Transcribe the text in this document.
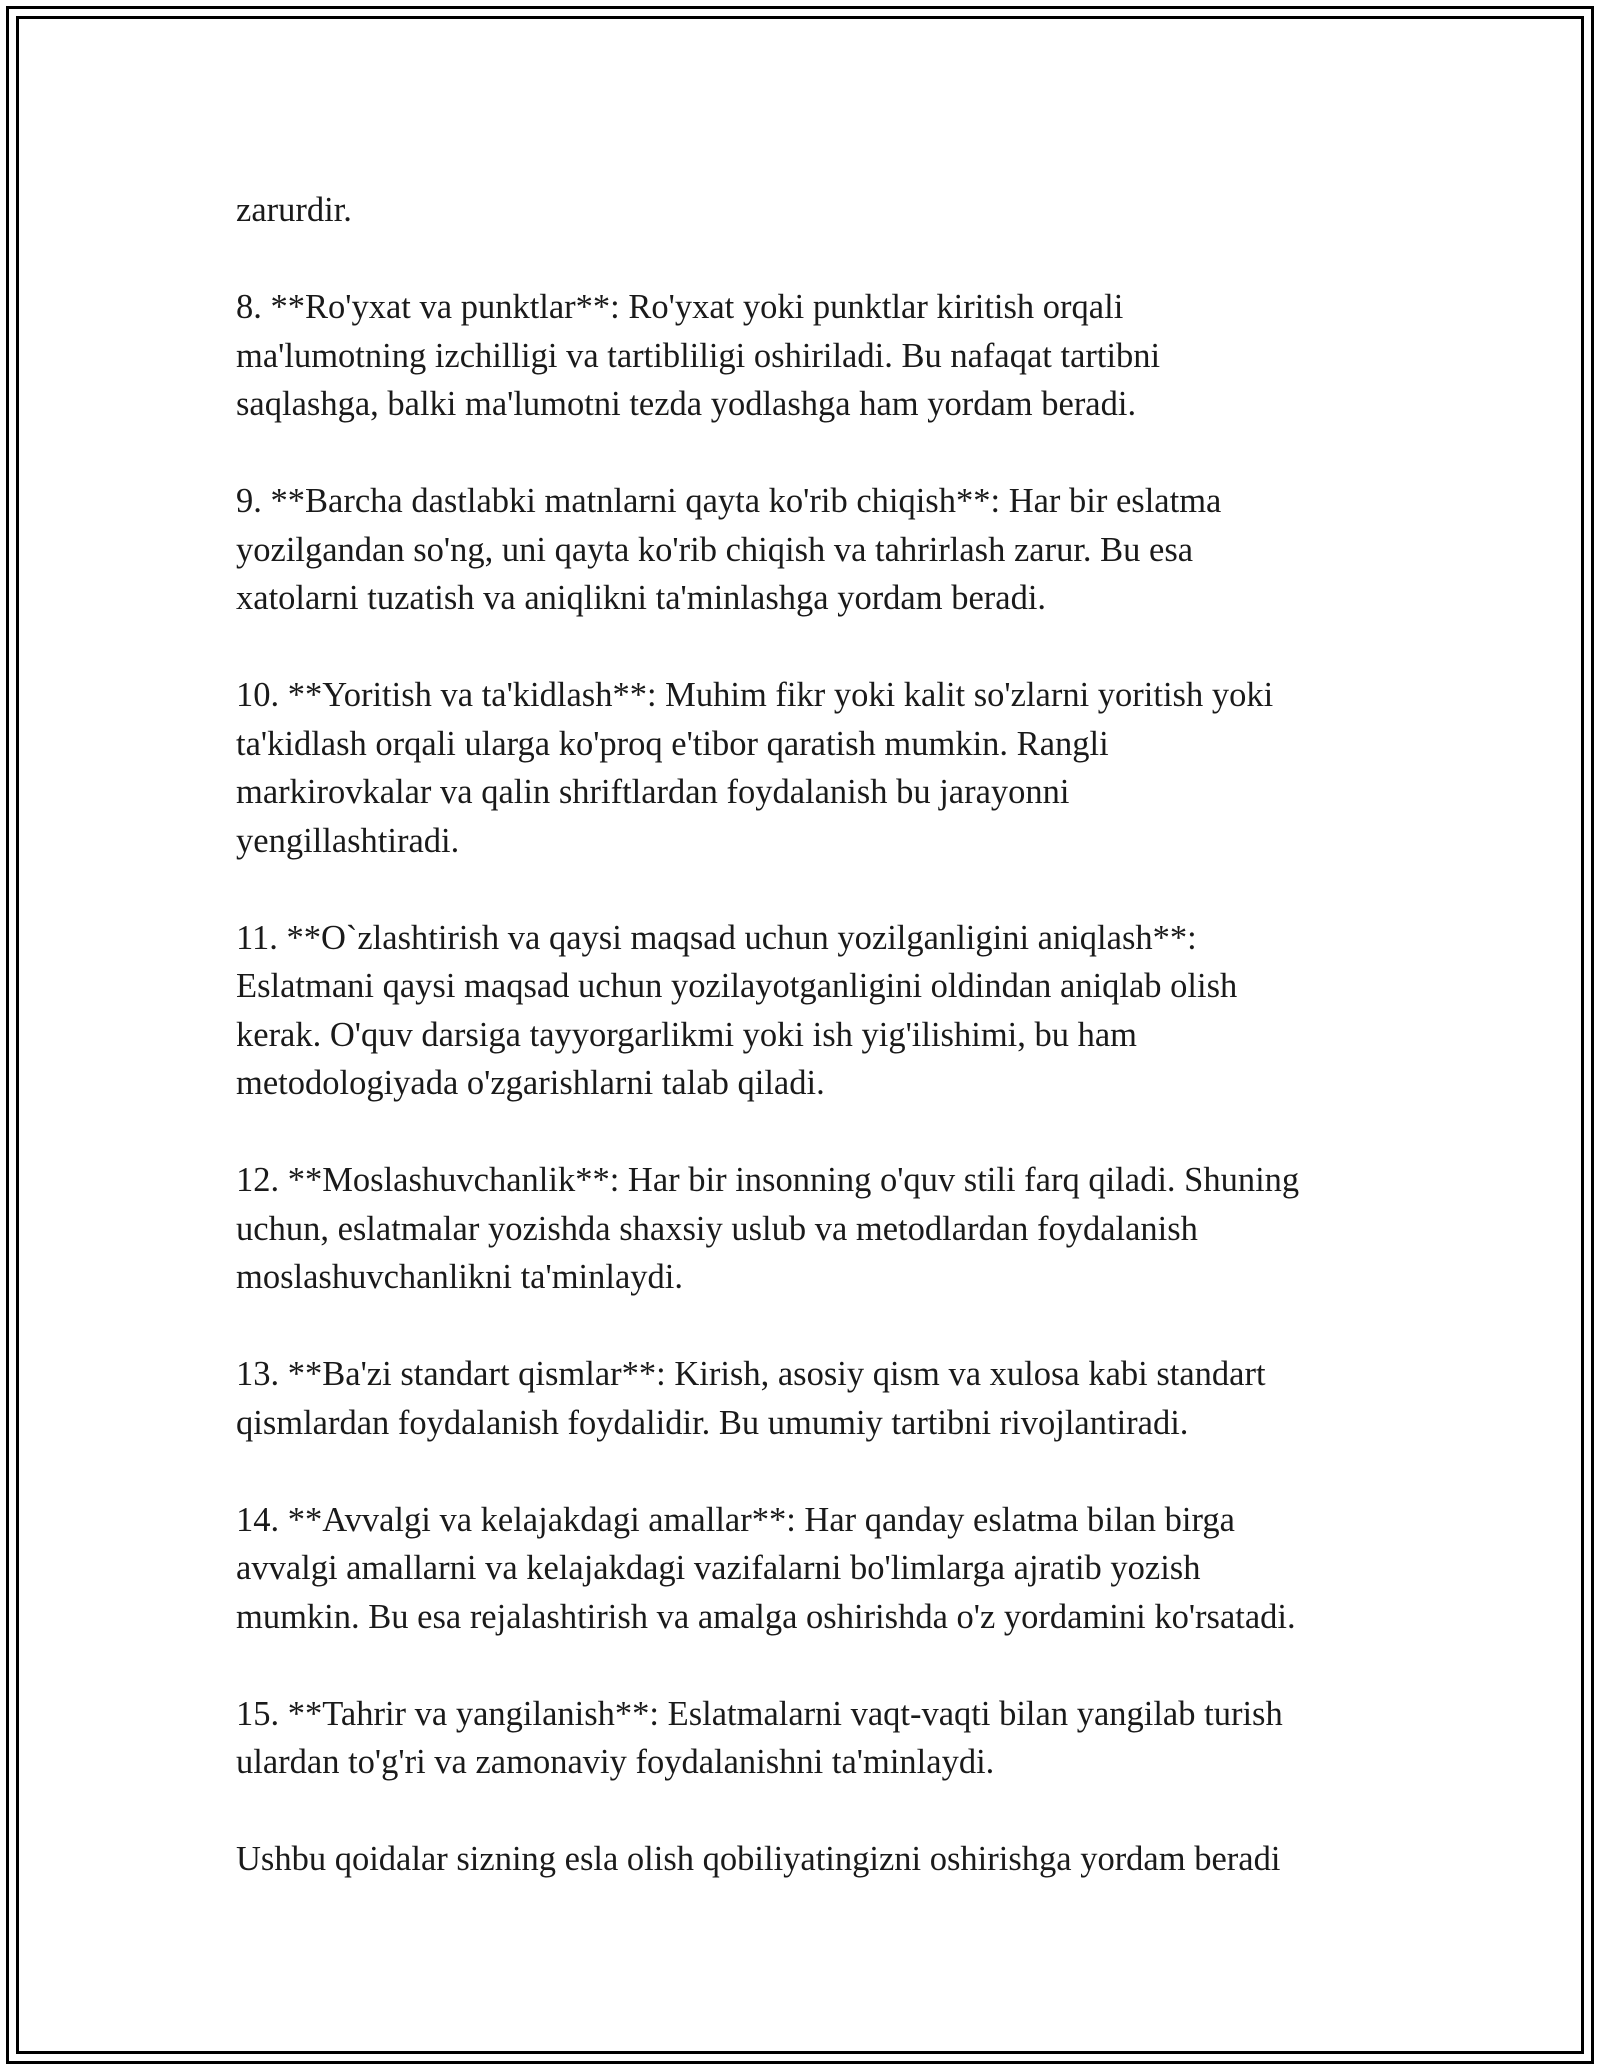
zarurdir.

8. **Ro'yxat va punktlar**: Ro'yxat yoki punktlar kiritish orqali
ma'lumotning izchilligi va tartibliligi oshiriladi. Bu nafaqat tartibni
saqlashga, balki ma'lumotni tezda yodlashga ham yordam beradi.

9. **Barcha dastlabki matnlarni qayta ko'rib chiqish**: Har bir eslatma
yozilgandan so'ng, uni qayta ko'rib chiqish va tahrirlash zarur. Bu esa
xatolarni tuzatish va aniqlikni ta'minlashga yordam beradi.

10. **Yoritish va ta'kidlash**: Muhim fikr yoki kalit so'zlarni yoritish yoki
ta'kidlash orqali ularga ko'proq e'tibor qaratish mumkin. Rangli
markirovkalar va qalin shriftlardan foydalanish bu jarayonni
yengillashtiradi.

11. **O`zlashtirish va qaysi maqsad uchun yozilganligini aniqlash**:
Eslatmani qaysi maqsad uchun yozilayotganligini oldindan aniqlab olish
kerak. O'quv darsiga tayyorgarlikmi yoki ish yig'ilishimi, bu ham
metodologiyada o'zgarishlarni talab qiladi.

12. **Moslashuvchanlik**: Har bir insonning o'quv stili farq qiladi. Shuning
uchun, eslatmalar yozishda shaxsiy uslub va metodlardan foydalanish
moslashuvchanlikni ta'minlaydi.

13. **Ba'zi standart qismlar**: Kirish, asosiy qism va xulosa kabi standart
qismlardan foydalanish foydalidir. Bu umumiy tartibni rivojlantiradi.

14. **Avvalgi va kelajakdagi amallar**: Har qanday eslatma bilan birga
avvalgi amallarni va kelajakdagi vazifalarni bo'limlarga ajratib yozish
mumkin. Bu esa rejalashtirish va amalga oshirishda o'z yordamini ko'rsatadi.

15. **Tahrir va yangilanish**: Eslatmalarni vaqt-vaqti bilan yangilab turish
ulardan to'g'ri va zamonaviy foydalanishni ta'minlaydi.

Ushbu qoidalar sizning esla olish qobiliyatingizni oshirishga yordam beradi
